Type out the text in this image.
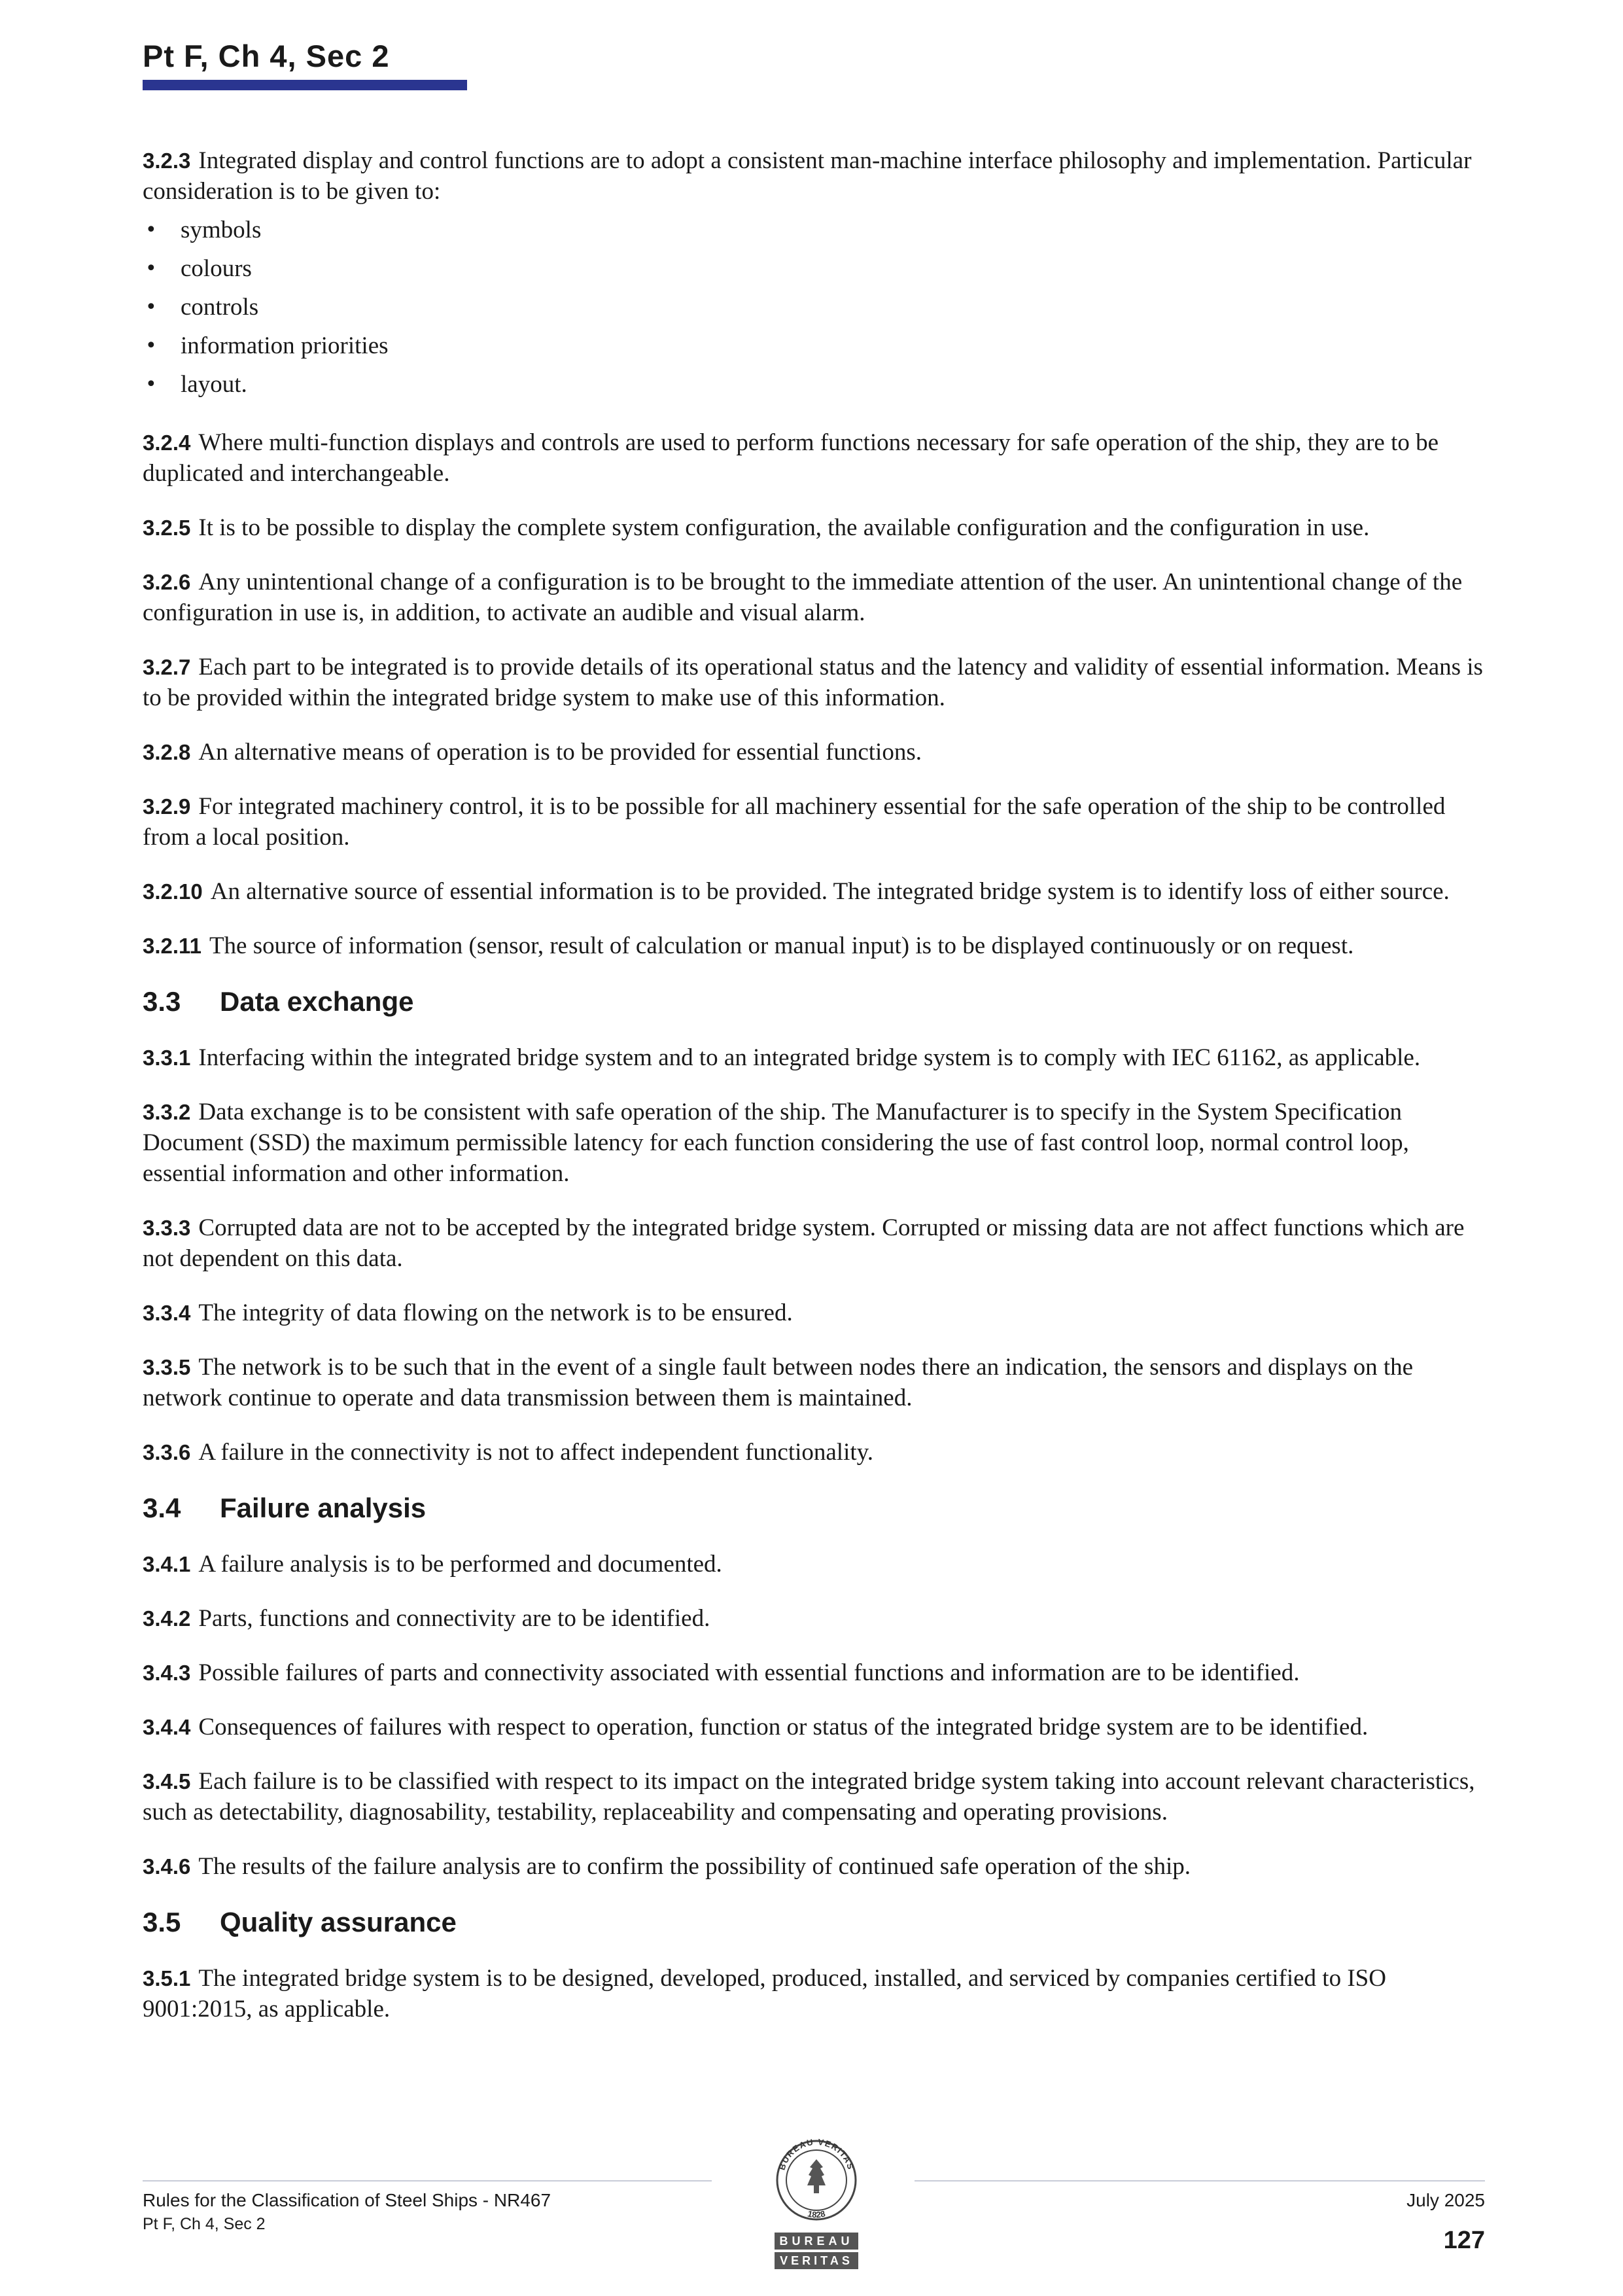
Pt F, Ch 4, Sec 2

3.2.3 Integrated display and control functions are to adopt a consistent man-machine interface philosophy and implementation. Particular consideration is to be given to:

• symbols
• colours
• controls
• information priorities
• layout.

3.2.4 Where multi-function displays and controls are used to perform functions necessary for safe operation of the ship, they are to be duplicated and interchangeable.

3.2.5 It is to be possible to display the complete system configuration, the available configuration and the configuration in use.

3.2.6 Any unintentional change of a configuration is to be brought to the immediate attention of the user. An unintentional change of the configuration in use is, in addition, to activate an audible and visual alarm.

3.2.7 Each part to be integrated is to provide details of its operational status and the latency and validity of essential information. Means is to be provided within the integrated bridge system to make use of this information.

3.2.8 An alternative means of operation is to be provided for essential functions.

3.2.9 For integrated machinery control, it is to be possible for all machinery essential for the safe operation of the ship to be controlled from a local position.

3.2.10 An alternative source of essential information is to be provided. The integrated bridge system is to identify loss of either source.

3.2.11 The source of information (sensor, result of calculation or manual input) is to be displayed continuously or on request.

3.3 Data exchange

3.3.1 Interfacing within the integrated bridge system and to an integrated bridge system is to comply with IEC 61162, as applicable.

3.3.2 Data exchange is to be consistent with safe operation of the ship. The Manufacturer is to specify in the System Specification Document (SSD) the maximum permissible latency for each function considering the use of fast control loop, normal control loop, essential information and other information.

3.3.3 Corrupted data are not to be accepted by the integrated bridge system. Corrupted or missing data are not affect functions which are not dependent on this data.

3.3.4 The integrity of data flowing on the network is to be ensured.

3.3.5 The network is to be such that in the event of a single fault between nodes there an indication, the sensors and displays on the network continue to operate and data transmission between them is maintained.

3.3.6 A failure in the connectivity is not to affect independent functionality.

3.4 Failure analysis

3.4.1 A failure analysis is to be performed and documented.

3.4.2 Parts, functions and connectivity are to be identified.

3.4.3 Possible failures of parts and connectivity associated with essential functions and information are to be identified.

3.4.4 Consequences of failures with respect to operation, function or status of the integrated bridge system are to be identified.

3.4.5 Each failure is to be classified with respect to its impact on the integrated bridge system taking into account relevant characteristics, such as detectability, diagnosability, testability, replaceability and compensating and operating provisions.

3.4.6 The results of the failure analysis are to confirm the possibility of continued safe operation of the ship.

3.5 Quality assurance

3.5.1 The integrated bridge system is to be designed, developed, produced, installed, and serviced by companies certified to ISO 9001:2015, as applicable.

Rules for the Classification of Steel Ships - NR467
Pt F, Ch 4, Sec 2
July 2025
127
BUREAU VERITAS
1828
BUREAU
VERITAS
